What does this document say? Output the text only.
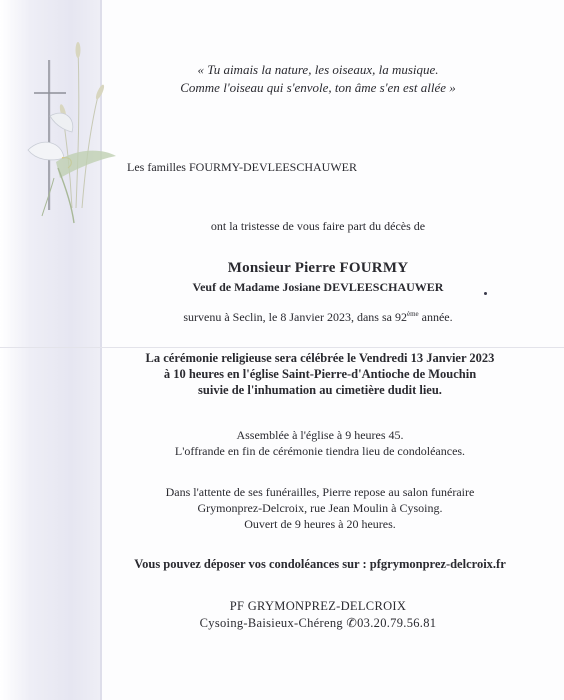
« Tu aimais la nature, les oiseaux, la musique.
Comme l'oiseau qui s'envole, ton âme s'en est allée »
Les familles FOURMY-DEVLEESCHAUWER
ont la tristesse de vous faire part du décès de
Monsieur Pierre FOURMY
Veuf de Madame Josiane DEVLEESCHAUWER
survenu à Seclin, le 8 Janvier 2023, dans sa 92ème année.
La cérémonie religieuse sera célébrée le Vendredi 13 Janvier 2023
à 10 heures en l'église Saint-Pierre-d'Antioche de Mouchin
suivie de l'inhumation au cimetière dudit lieu.
Assemblée à l'église à 9 heures 45.
L'offrande en fin de cérémonie tiendra lieu de condoléances.
Dans l'attente de ses funérailles, Pierre repose au salon funéraire
Grymonprez-Delcroix, rue Jean Moulin à Cysoing.
Ouvert de 9 heures à 20 heures.
Vous pouvez déposer vos condoléances sur : pfgrymonprez-delcroix.fr
PF GRYMONPREZ-DELCROIX
Cysoing-Baisieux-Chéreng ✆03.20.79.56.81
